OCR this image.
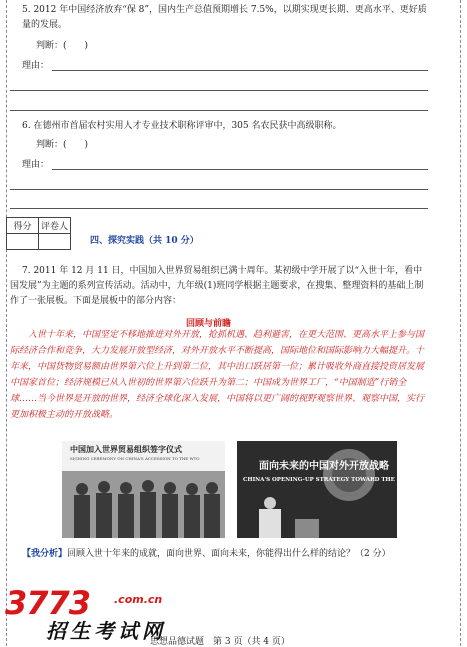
5. 2012 年中国经济放弃“保 8”，国内生产总值预期增长 7.5%，以期实现更长期、更高水平、更好质量的发展。
判断：(　　)
理由：
6. 在德州市首届农村实用人才专业技术职称评审中，305 名农民获中高级职称。
判断：(　　)
理由：
得分	评卷人

四、探究实践（共 10 分）
7. 2011 年 12 月 11 日，中国加入世界贸易组织已满十周年。某初级中学开展了以“入世十年，看中国发展”为主题的系列宣传活动。活动中，九年级(1)班同学根据主题要求，在搜集、整理资料的基础上制作了一张展板。下面是展板中的部分内容：
回顾与前瞻
入世十年来，中国坚定不移地推进对外开放，抢抓机遇、趋利避害，在更大范围、更高水平上参与国际经济合作和竞争，大力发展开放型经济，对外开放水平不断提高，国际地位和国际影响力大幅提升。十年来，中国货物贸易额由世界第六位上升到第二位，其中出口跃居第一位；累计吸收外商直接投资居发展中国家首位；经济规模已从入世初的世界第六位跃升为第二；中国成为世界工厂，“中国制造”行销全球……当今世界是开放的世界，经济全球化深入发展，中国将以更广阔的视野观察世界、观察中国，实行更加积极主动的开放战略。
中国加入世界贸易组织签字仪式
SIGNING CEREMONY ON CHINA'S ACCESSION TO THE WTO
面向未来的中国对外开放战略
CHINA'S OPENING-UP STRATEGY TOWARD THE FUTURE
【我分析】回顾入世十年来的成就，面向世界、面向未来，你能得出什么样的结论？（2 分）
3773 .com.cn
招生考试网
思想品德试题　第 3 页（共 4 页）
